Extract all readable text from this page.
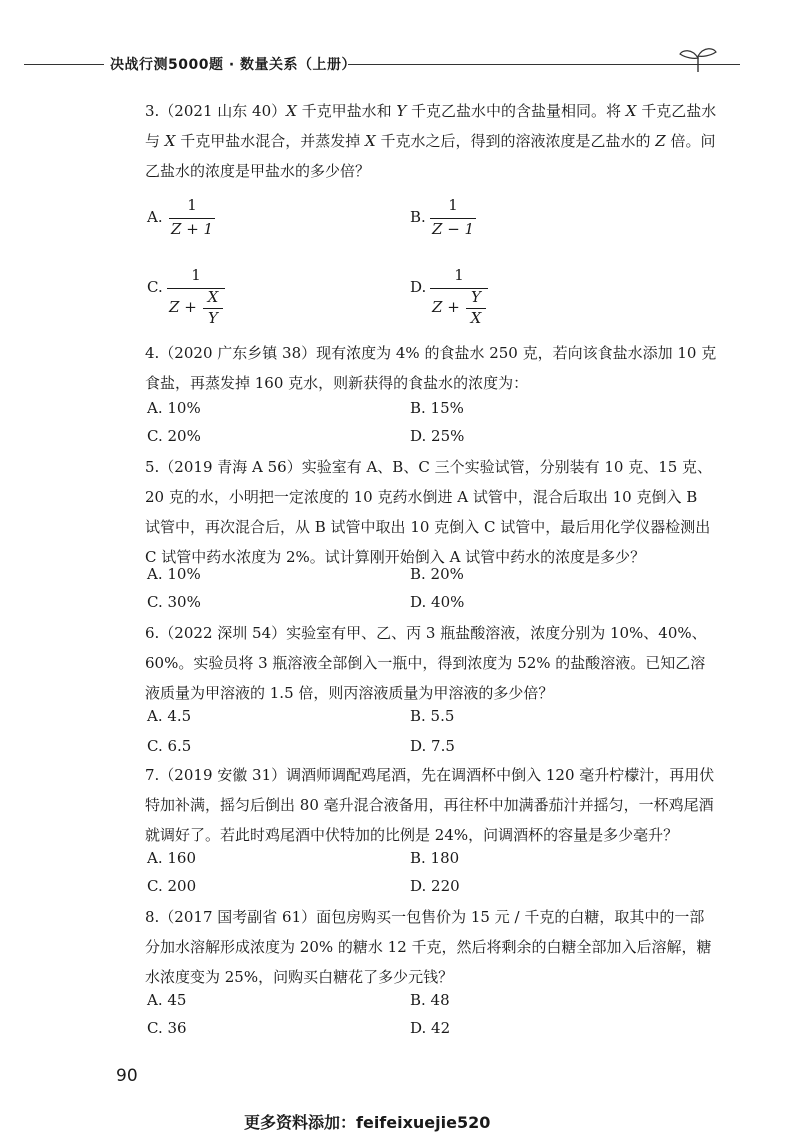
决战行测5000题 · 数量关系（上册）

3.（2021 山东 40）X 千克甲盐水和 Y 千克乙盐水中的含盐量相同。将 X 千克乙盐水与 X 千克甲盐水混合，并蒸发掉 X 千克水之后，得到的溶液浓度是乙盐水的 Z 倍。问乙盐水的浓度是甲盐水的多少倍？

A.
1
Z + 1
B.
1
Z − 1
C.
1
Z +
X
Y
D.
1
Z +
Y
X

4.（2020 广东乡镇 38）现有浓度为 4% 的食盐水 250 克，若向该食盐水添加 10 克食盐，再蒸发掉 160 克水，则新获得的食盐水的浓度为：

A. 10%	B. 15%
C. 20%	D. 25%

5.（2019 青海 A 56）实验室有 A、B、C 三个实验试管，分别装有 10 克、15 克、20 克的水，小明把一定浓度的 10 克药水倒进 A 试管中，混合后取出 10 克倒入 B 试管中，再次混合后，从 B 试管中取出 10 克倒入 C 试管中，最后用化学仪器检测出 C 试管中药水浓度为 2%。试计算刚开始倒入 A 试管中药水的浓度是多少？

A. 10%	B. 20%
C. 30%	D. 40%

6.（2022 深圳 54）实验室有甲、乙、丙 3 瓶盐酸溶液，浓度分别为 10%、40%、60%。实验员将 3 瓶溶液全部倒入一瓶中，得到浓度为 52% 的盐酸溶液。已知乙溶液质量为甲溶液的 1.5 倍，则丙溶液质量为甲溶液的多少倍？

A. 4.5	B. 5.5
C. 6.5	D. 7.5

7.（2019 安徽 31）调酒师调配鸡尾酒，先在调酒杯中倒入 120 毫升柠檬汁，再用伏特加补满，摇匀后倒出 80 毫升混合液备用，再往杯中加满番茄汁并摇匀，一杯鸡尾酒就调好了。若此时鸡尾酒中伏特加的比例是 24%，问调酒杯的容量是多少毫升？

A. 160	B. 180
C. 200	D. 220

8.（2017 国考副省 61）面包房购买一包售价为 15 元 / 千克的白糖，取其中的一部分加水溶解形成浓度为 20% 的糖水 12 千克，然后将剩余的白糖全部加入后溶解，糖水浓度变为 25%，问购买白糖花了多少元钱？

A. 45	B. 48
C. 36	D. 42
90
更多资料添加：feifeixuejie520
